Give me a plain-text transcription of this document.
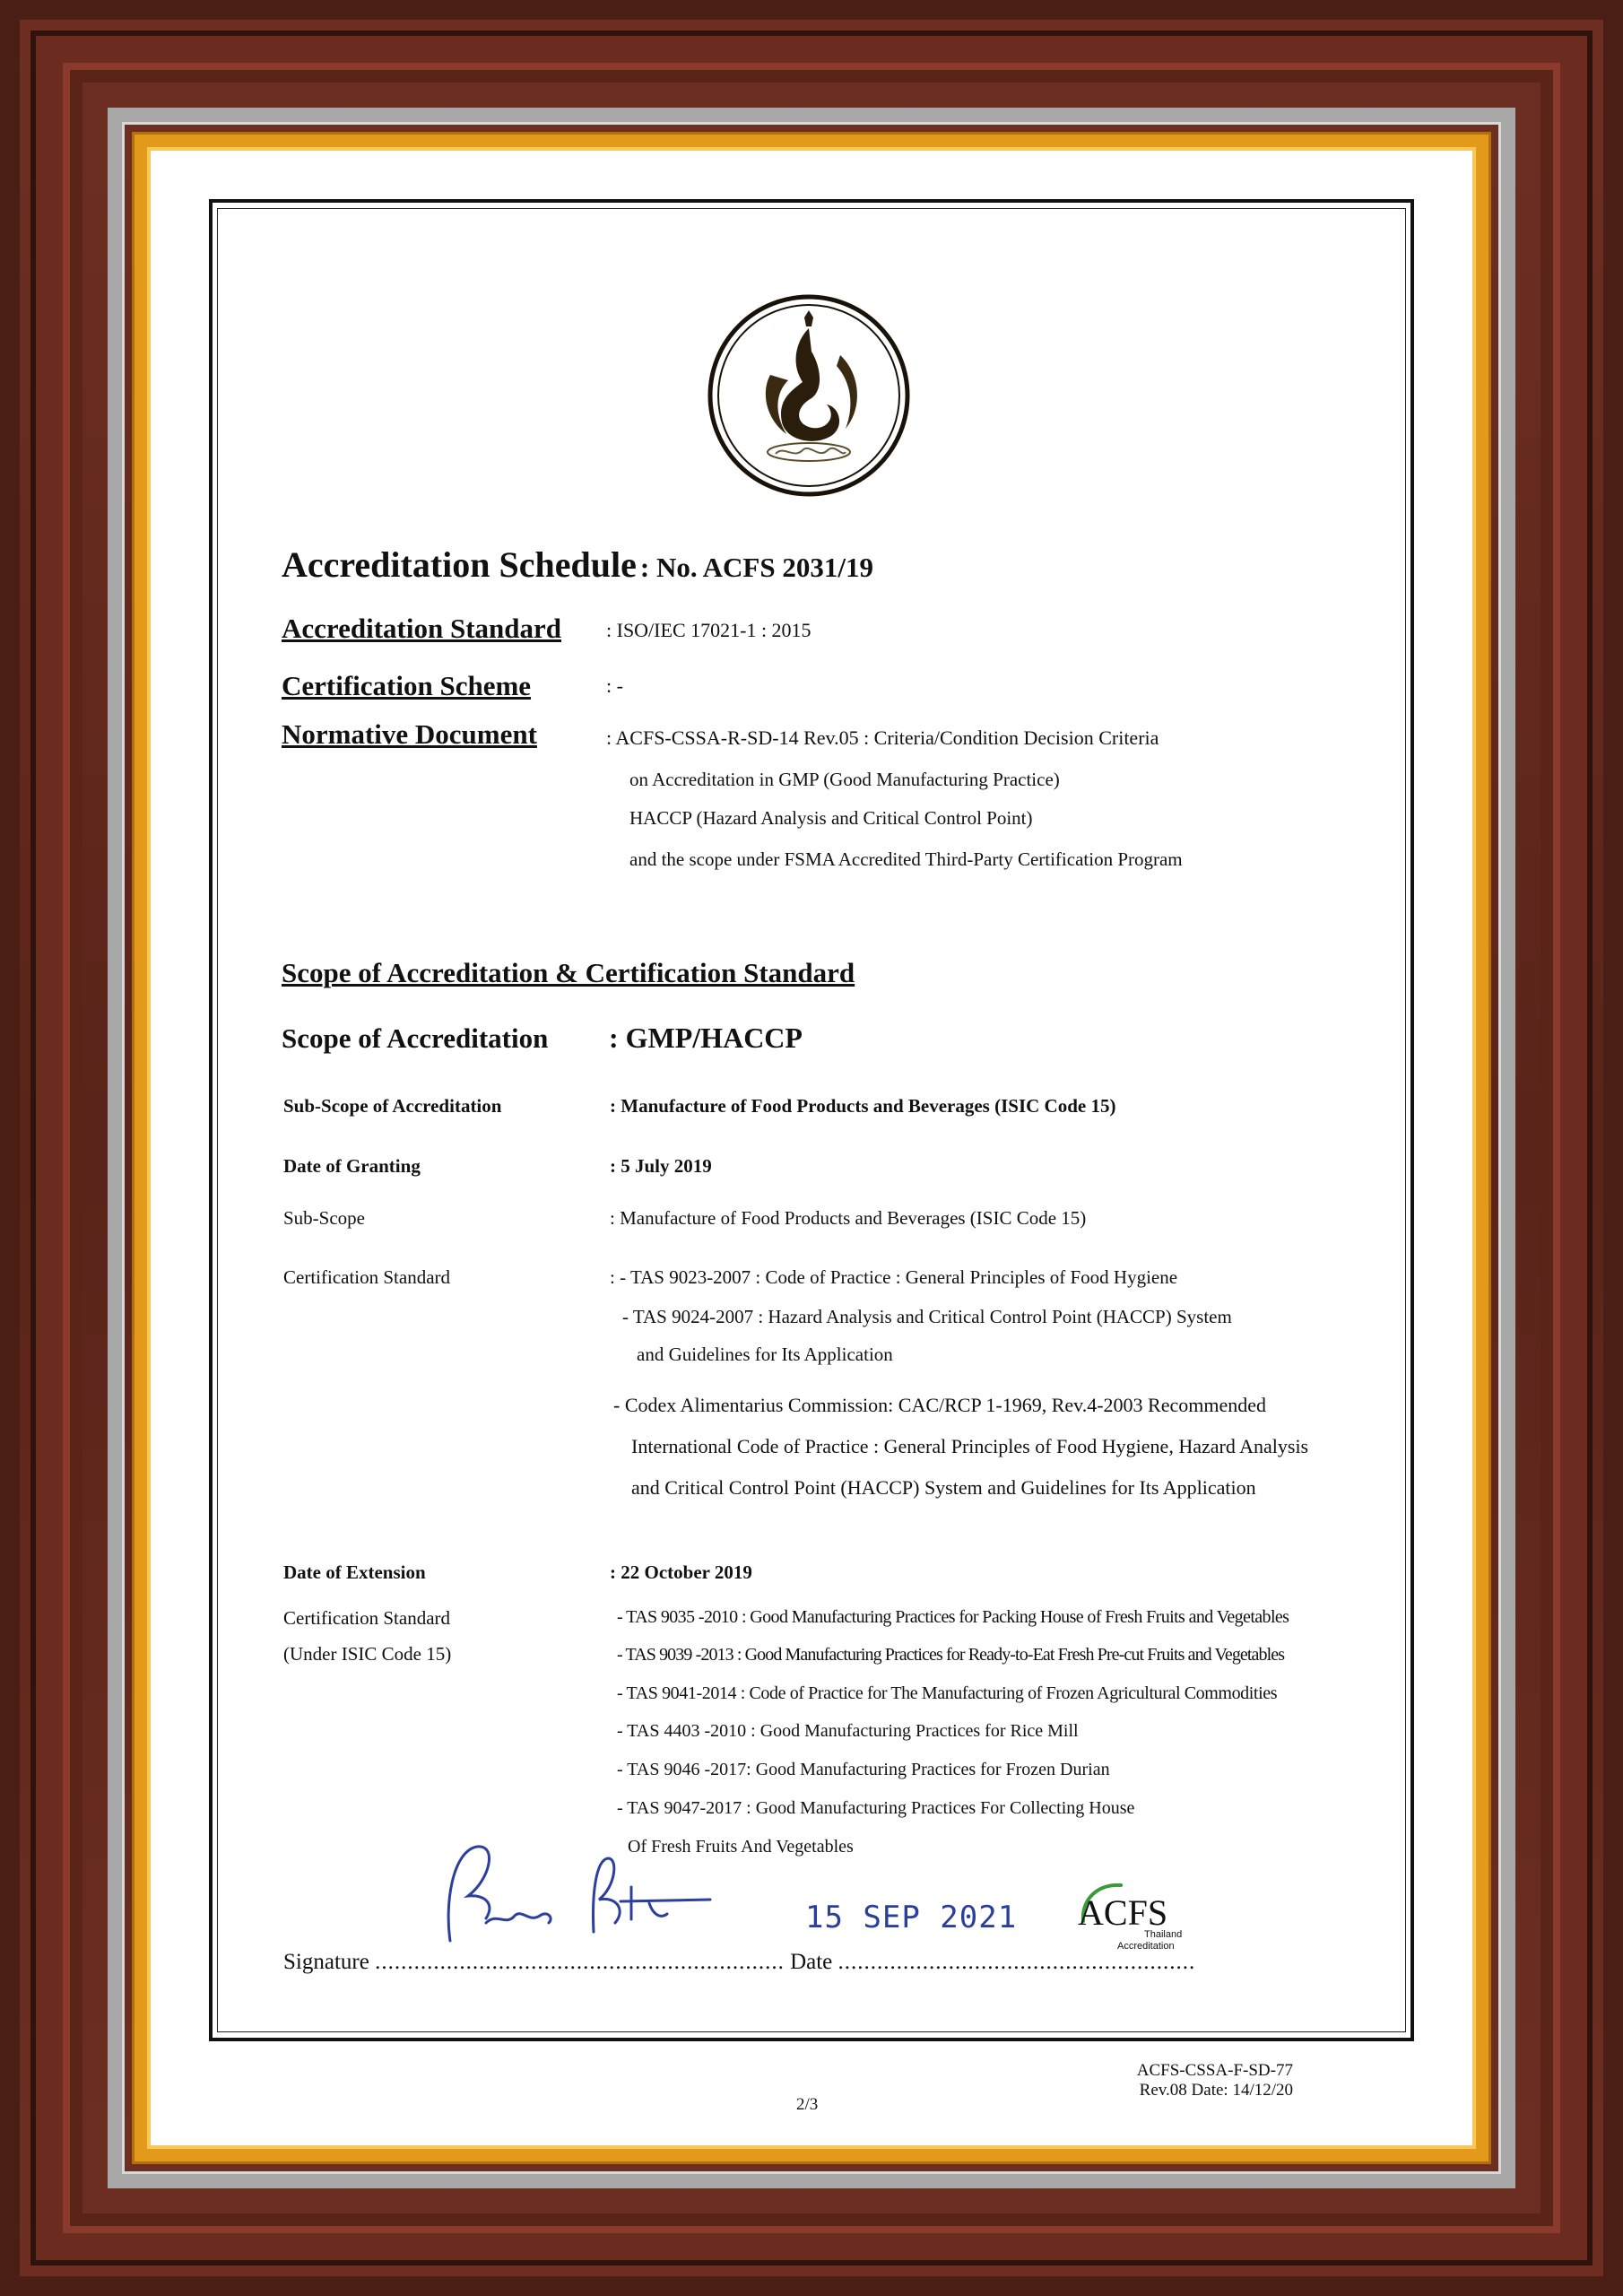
Accreditation Schedule : No. ACFS 2031/19
Accreditation Standard : ISO/IEC 17021-1 : 2015
Certification Scheme	: -
Normative Document	: ACFS-CSSA-R-SD-14 Rev.05 : Criteria/Condition Decision Criteria
on Accreditation in GMP (Good Manufacturing Practice)
HACCP (Hazard Analysis and Critical Control Point)
and the scope under FSMA Accredited Third-Party Certification Program
Scope of Accreditation & Certification Standard
Scope of Accreditation : GMP/HACCP
Sub-Scope of Accreditation	: Manufacture of Food Products and Beverages (ISIC Code 15)
Date of Granting	: 5 July 2019
Sub-Scope	: Manufacture of Food Products and Beverages (ISIC Code 15)
Certification Standard	: - TAS 9023-2007 : Code of Practice : General Principles of Food Hygiene
- TAS 9024-2007 : Hazard Analysis and Critical Control Point (HACCP) System
and Guidelines for Its Application
- Codex Alimentarius Commission: CAC/RCP 1-1969, Rev.4-2003 Recommended
International Code of Practice : General Principles of Food Hygiene, Hazard Analysis
and Critical Control Point (HACCP) System and Guidelines for Its Application
Date of Extension	: 22 October 2019
Certification Standard
(Under ISIC Code 15)
- TAS 9035 -2010 : Good Manufacturing Practices for Packing House of Fresh Fruits and Vegetables
- TAS 9039 -2013 : Good Manufacturing Practices for Ready-to-Eat Fresh Pre-cut Fruits and Vegetables
- TAS 9041-2014 : Code of Practice for The Manufacturing of Frozen Agricultural Commodities
- TAS 4403 -2010 : Good Manufacturing Practices for Rice Mill
- TAS 9046 -2017: Good Manufacturing Practices for Frozen Durian
- TAS 9047-2017 : Good Manufacturing Practices For Collecting House
Of Fresh Fruits And Vegetables
Signature ............................................................... Date .......................................................
15 SEP 2021 ACFS
Thailand
Accreditation
2/3
ACFS-CSSA-F-SD-77
Rev.08 Date: 14/12/20
